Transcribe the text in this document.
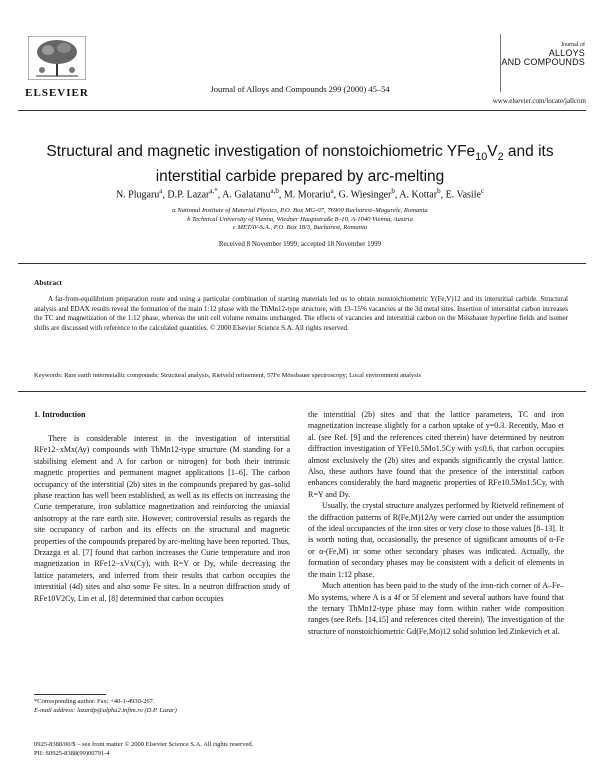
ELSEVIER	Journal of Alloys and Compounds 299 (2000) 45–54
Journal of
ALLOYS
AND COMPOUNDS
www.elsevier.com/locate/jallcom
Structural and magnetic investigation of nonstoichiometric $YFe_{10}V_2$ and its interstitial carbide prepared by arc-melting
N. Plugaru$^a$, D.P. Lazar$^{a,*}$, A. Galatanu$^{a,b}$, M. Morariu$^a$, G. Wiesinger$^b$, A. Kottar$^b$, E. Vasile$^c$
a National Institute of Material Physics, P.O. Box MG-07, 76900 Bucharest–Magurele, Romania
b Technical University of Vienna, Wiedner Hauptstraße 8–10, A-1040 Vienna, Austria
c METAV-S.A., P.O. Box 18/3, Bucharest, Romania
Received 8 November 1999; accepted 18 November 1999
Abstract
A far-from-equilibrium preparation route and using a particular combination of starting materials led us to obtain nonstoichiometric Y(Fe,V)12 and its interstitial carbide. Structural analysis and EDAX results reveal the formation of the main 1:12 phase with the ThMn12-type structure, with 13–15% vacancies at the 3d metal sites. Insertion of interstitial carbon increases the TC and magnetization of the 1:12 phase, whereas the unit cell volume remains unchanged. The effects of vacancies and interstitial carbon on the Mössbauer hyperfine fields and isomer shifts are discussed with reference to the calculated quantities. © 2000 Elsevier Science S.A. All rights reserved.
Keywords: Rare earth intermetallic compounds; Structural analysis, Rietveld refinement, 57Fe Mössbauer spectroscopy; Local environment analysis
1. Introduction

There is considerable interest in the investigation of interstitial RFe12−xMx(Ay) compounds with ThMn12-type structure (M standing for a stabilising element and A for carbon or nitrogen) for both their intrinsic magnetic properties and permanent magnet applications [1–6]. The carbon occupancy of the interstitial (2b) sites in the compounds prepared by gas–solid phase reaction has well been established, as well as its effects on increasing the Curie temperature, iron sublattice magnetization and reinforcing the uniaxial anisotropy at the rare earth site. However, controversial results as regards the site occupancy of carbon and its effects on the structural and magnetic properties of the compounds prepared by arc-melting have been reported. Thus, Drzazga et al. [7] found that carbon increases the Curie temperature and iron magnetization in RFe12−xVx(Cy), with R=Y or Dy, while decreasing the lattice parameters, and inferred from their results that carbon occupies the interstitial (4d) sites and also some Fe sites. In a neutron diffraction study of RFe10V2Cy, Lin et al. [8] determined that carbon occupies

the interstitial (2b) sites and that the lattice parameters, TC and iron magnetization increase slightly for a carbon uptake of y=0.3. Recently, Mao et al. (see Ref. [9] and the references cited therein) have determined by neutron diffraction investigation of YFe10.5Mo1.5Cy with y≤0.6, that carbon occupies almost exclusively the (2b) sites and expands significantly the crystal lattice. Also, these authors have found that the presence of the interstitial carbon enhances considerably the hard magnetic properties of RFe10.5Mo1.5Cy, with R=Y and Dy.

Usually, the crystal structure analyzes performed by Rietveld refinement of the diffraction patterns of R(Fe,M)12Ay were carried out under the assumption of the ideal occupancies of the iron sites or very close to those values [8–13]. It is worth noting that, occasionally, the presence of significant amounts of α-Fe or α-(Fe,M) or some other secondary phases was indicated. Actually, the formation of secondary phases may be consistent with a deficit of elements in the main 1:12 phase.

Much attention has been paid to the study of the iron-rich corner of A–Fe–Mo systems, where A is a 4f or 5f element and several authors have found that the ternary ThMn12-type phase may form within rather wide composition ranges (see Refs. [14,15] and references cited therein). The investigation of the structure of nonstoichiometric Gd(Fe,Mo)12 solid solution led Zinkevich et al.

*Corresponding author. Fax: +40-1-4930-267.
E-mail address: lazardp@alpha2.infim.ro (D.P. Lazar)
0925-8388/00/$ – see front matter © 2000 Elsevier Science S.A. All rights reserved.
PII: S0925-8388(99)00791-4
